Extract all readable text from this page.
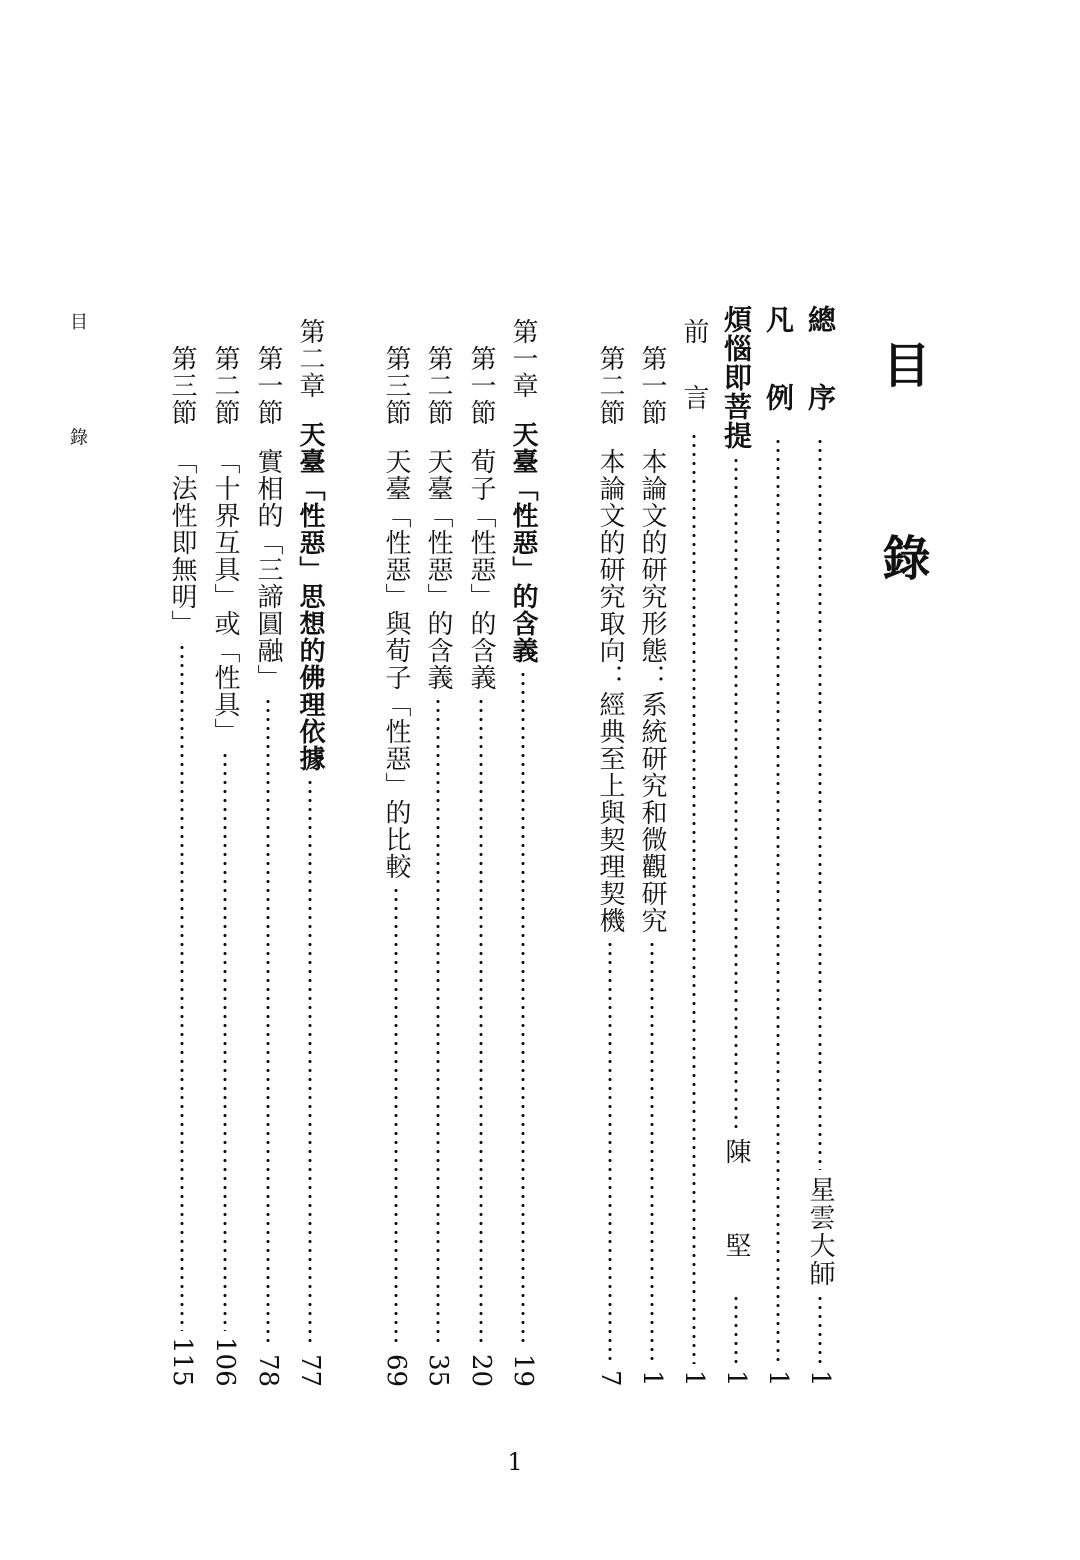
目 錄	目 錄
總 序
星雲大師
1
凡 例
1
煩惱即菩提
陳 堅
1
前 言
1
第一節
本論文的研究形態：系統研究和微觀研究
1
第二節
本論文的研究取向：經典至上與契理契機
7
第一章
天臺「性惡」的含義
19
第一節
荀子「性惡」的含義
20
第二節
天臺「性惡」的含義
35
第三節
天臺「性惡」與荀子「性惡」的比較
69
第二章
天臺「性惡」思想的佛理依據
77
第一節
實相的「三諦圓融」
78
第二節
「十界互具」或「性具」
106
第三節
「法性即無明」
115
1
